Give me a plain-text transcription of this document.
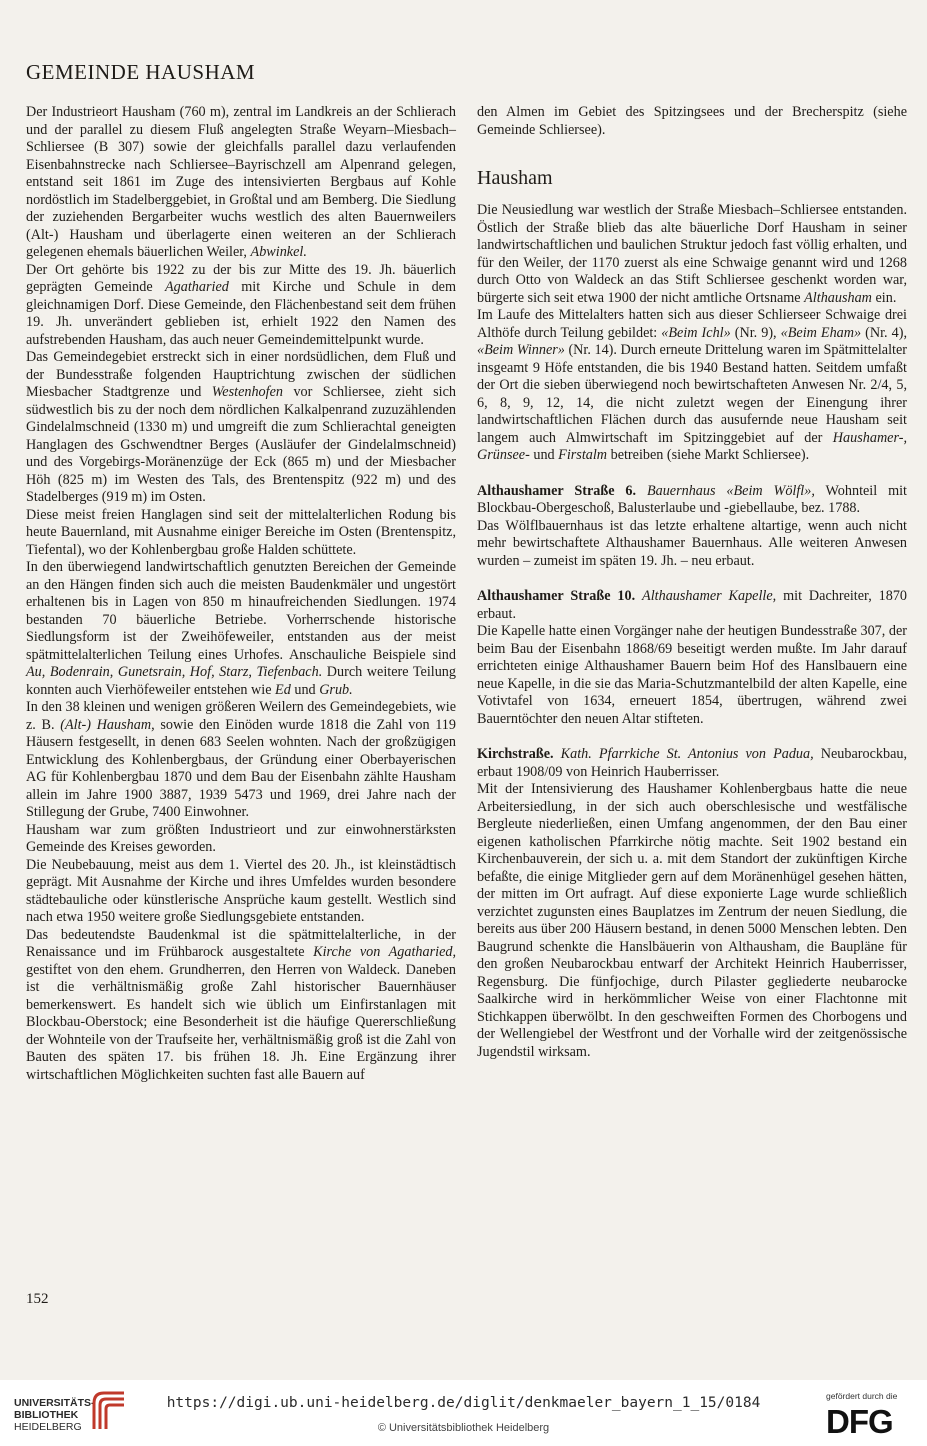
GEMEINDE HAUSHAM

Der Industrieort Hausham (760 m), zentral im Landkreis an der Schlierach und der parallel zu diesem Fluß angelegten Straße Weyarn–Miesbach–Schliersee (B 307) sowie der gleichfalls parallel dazu verlaufenden Eisenbahnstrecke nach Schliersee–Bayrischzell am Alpenrand gelegen, entstand seit 1861 im Zuge des intensivierten Bergbaus auf Kohle nordöstlich im Stadelberggebiet, in Großtal und am Bemberg. Die Siedlung der zuziehenden Bergarbeiter wuchs westlich des alten Bauernweilers (Alt-) Hausham und überlagerte einen weiteren an der Schlierach gelegenen ehemals bäuerlichen Weiler, Abwinkel.

Der Ort gehörte bis 1922 zu der bis zur Mitte des 19. Jh. bäuerlich geprägten Gemeinde Agatharied mit Kirche und Schule in dem gleichnamigen Dorf. Diese Gemeinde, den Flächenbestand seit dem frühen 19. Jh. unverändert geblieben ist, erhielt 1922 den Namen des aufstrebenden Hausham, das auch neuer Gemeindemittelpunkt wurde.

Das Gemeindegebiet erstreckt sich in einer nordsüdlichen, dem Fluß und der Bundesstraße folgenden Hauptrichtung zwischen der südlichen Miesbacher Stadtgrenze und Westenhofen vor Schliersee, zieht sich südwestlich bis zu der noch dem nördlichen Kalkalpenrand zuzuzählenden Gindelalmschneid (1330 m) und umgreift die zum Schlierachtal geneigten Hanglagen des Gschwendtner Berges (Ausläufer der Gindelalmschneid) und des Vorgebirgs-Moränenzüge der Eck (865 m) und der Miesbacher Höh (825 m) im Westen des Tals, des Brentenspitz (922 m) und des Stadelberges (919 m) im Osten.

Diese meist freien Hanglagen sind seit der mittelalterlichen Rodung bis heute Bauernland, mit Ausnahme einiger Bereiche im Osten (Brentenspitz, Tiefental), wo der Kohlenbergbau große Halden schüttete.

In den überwiegend landwirtschaftlich genutzten Bereichen der Gemeinde an den Hängen finden sich auch die meisten Baudenkmäler und ungestört erhaltenen bis in Lagen von 850 m hinaufreichenden Siedlungen. 1974 bestanden 70 bäuerliche Betriebe. Vorherrschende historische Siedlungsform ist der Zweihöfeweiler, entstanden aus der meist spätmittelalterlichen Teilung eines Urhofes. Anschauliche Beispiele sind Au, Bodenrain, Gunetsrain, Hof, Starz, Tiefenbach. Durch weitere Teilung konnten auch Vierhöfeweiler entstehen wie Ed und Grub.

In den 38 kleinen und wenigen größeren Weilern des Gemeindegebiets, wie z. B. (Alt-) Hausham, sowie den Einöden wurde 1818 die Zahl von 119 Häusern festgesellt, in denen 683 Seelen wohnten. Nach der großzügigen Entwicklung des Kohlenbergbaus, der Gründung einer Oberbayerischen AG für Kohlenbergbau 1870 und dem Bau der Eisenbahn zählte Hausham allein im Jahre 1900 3887, 1939 5473 und 1969, drei Jahre nach der Stillegung der Grube, 7400 Einwohner.

Hausham war zum größten Industrieort und zur einwohnerstärksten Gemeinde des Kreises geworden.

Die Neubebauung, meist aus dem 1. Viertel des 20. Jh., ist kleinstädtisch geprägt. Mit Ausnahme der Kirche und ihres Umfeldes wurden besondere städtebauliche oder künstlerische Ansprüche kaum gestellt. Westlich sind nach etwa 1950 weitere große Siedlungsgebiete entstanden.

Das bedeutendste Baudenkmal ist die spätmittelalterliche, in der Renaissance und im Frühbarock ausgestaltete Kirche von Agatharied, gestiftet von den ehem. Grundherren, den Herren von Waldeck. Daneben ist die verhältnismäßig große Zahl historischer Bauernhäuser bemerkenswert. Es handelt sich wie üblich um Einfirstanlagen mit Blockbau-Oberstock; eine Besonderheit ist die häufige Quererschließung der Wohnteile von der Traufseite her, verhältnismäßig groß ist die Zahl von Bauten des späten 17. bis frühen 18. Jh. Eine Ergänzung ihrer wirtschaftlichen Möglichkeiten suchten fast alle Bauern auf

den Almen im Gebiet des Spitzingsees und der Brecherspitz (siehe Gemeinde Schliersee).

Hausham

Die Neusiedlung war westlich der Straße Miesbach–Schliersee entstanden. Östlich der Straße blieb das alte bäuerliche Dorf Hausham in seiner landwirtschaftlichen und baulichen Struktur jedoch fast völlig erhalten, und für den Weiler, der 1170 zuerst als eine Schwaige genannt wird und 1268 durch Otto von Waldeck an das Stift Schliersee geschenkt worden war, bürgerte sich seit etwa 1900 der nicht amtliche Ortsname Althausham ein.

Im Laufe des Mittelalters hatten sich aus dieser Schlierseer Schwaige drei Althöfe durch Teilung gebildet: «Beim Ichl» (Nr. 9), «Beim Eham» (Nr. 4), «Beim Winner» (Nr. 14). Durch erneute Drittelung waren im Spätmittelalter insgeamt 9 Höfe entstanden, die bis 1940 Bestand hatten. Seitdem umfaßt der Ort die sieben überwiegend noch bewirtschafteten Anwesen Nr. 2/4, 5, 6, 8, 9, 12, 14, die nicht zuletzt wegen der Einengung ihrer landwirtschaftlichen Flächen durch das ausufernde neue Hausham seit langem auch Almwirtschaft im Spitzinggebiet auf der Haushamer-, Grünsee- und Firstalm betreiben (siehe Markt Schliersee).

Althaushamer Straße 6. Bauernhaus «Beim Wölfl», Wohnteil mit Blockbau-Obergeschoß, Balusterlaube und -giebellaube, bez. 1788.

Das Wölflbauernhaus ist das letzte erhaltene altartige, wenn auch nicht mehr bewirtschaftete Althaushamer Bauernhaus. Alle weiteren Anwesen wurden – zumeist im späten 19. Jh. – neu erbaut.

Althaushamer Straße 10. Althaushamer Kapelle, mit Dachreiter, 1870 erbaut.

Die Kapelle hatte einen Vorgänger nahe der heutigen Bundesstraße 307, der beim Bau der Eisenbahn 1868/69 beseitigt werden mußte. Im Jahr darauf errichteten einige Althaushamer Bauern beim Hof des Hanslbauern eine neue Kapelle, in die sie das Maria-Schutzmantelbild der alten Kapelle, eine Votivtafel von 1634, erneuert 1854, übertrugen, während zwei Bauerntöchter den neuen Altar stifteten.

Kirchstraße. Kath. Pfarrkiche St. Antonius von Padua, Neubarockbau, erbaut 1908/09 von Heinrich Hauberrisser.

Mit der Intensivierung des Haushamer Kohlenbergbaus hatte die neue Arbeitersiedlung, in der sich auch oberschlesische und westfälische Bergleute niederließen, einen Umfang angenommen, der den Bau einer eigenen katholischen Pfarrkirche nötig machte. Seit 1902 bestand ein Kirchenbauverein, der sich u. a. mit dem Standort der zukünftigen Kirche befaßte, die einige Mitglieder gern auf dem Moränenhügel gesehen hätten, der mitten im Ort aufragt. Auf diese exponierte Lage wurde schließlich verzichtet zugunsten eines Bauplatzes im Zentrum der neuen Siedlung, die bereits aus über 200 Häusern bestand, in denen 5000 Menschen lebten. Den Baugrund schenkte die Hanslbäuerin von Althausham, die Baupläne für den großen Neubarockbau entwarf der Architekt Heinrich Hauberrisser, Regensburg. Die fünfjochige, durch Pilaster gegliederte neubarocke Saalkirche wird in herkömmlicher Weise von einer Flachtonne mit Stichkappen überwölbt. In den geschweiften Formen des Chorbogens und der Wellengiebel der Westfront und der Vorhalle wird der zeitgenössische Jugendstil wirksam.

152
UNIVERSITÄTS-
BIBLIOTHEK
HEIDELBERG
https://digi.ub.uni-heidelberg.de/diglit/denkmaeler_bayern_1_15/0184
© Universitätsbibliothek Heidelberg
gefördert durch die
DFG
